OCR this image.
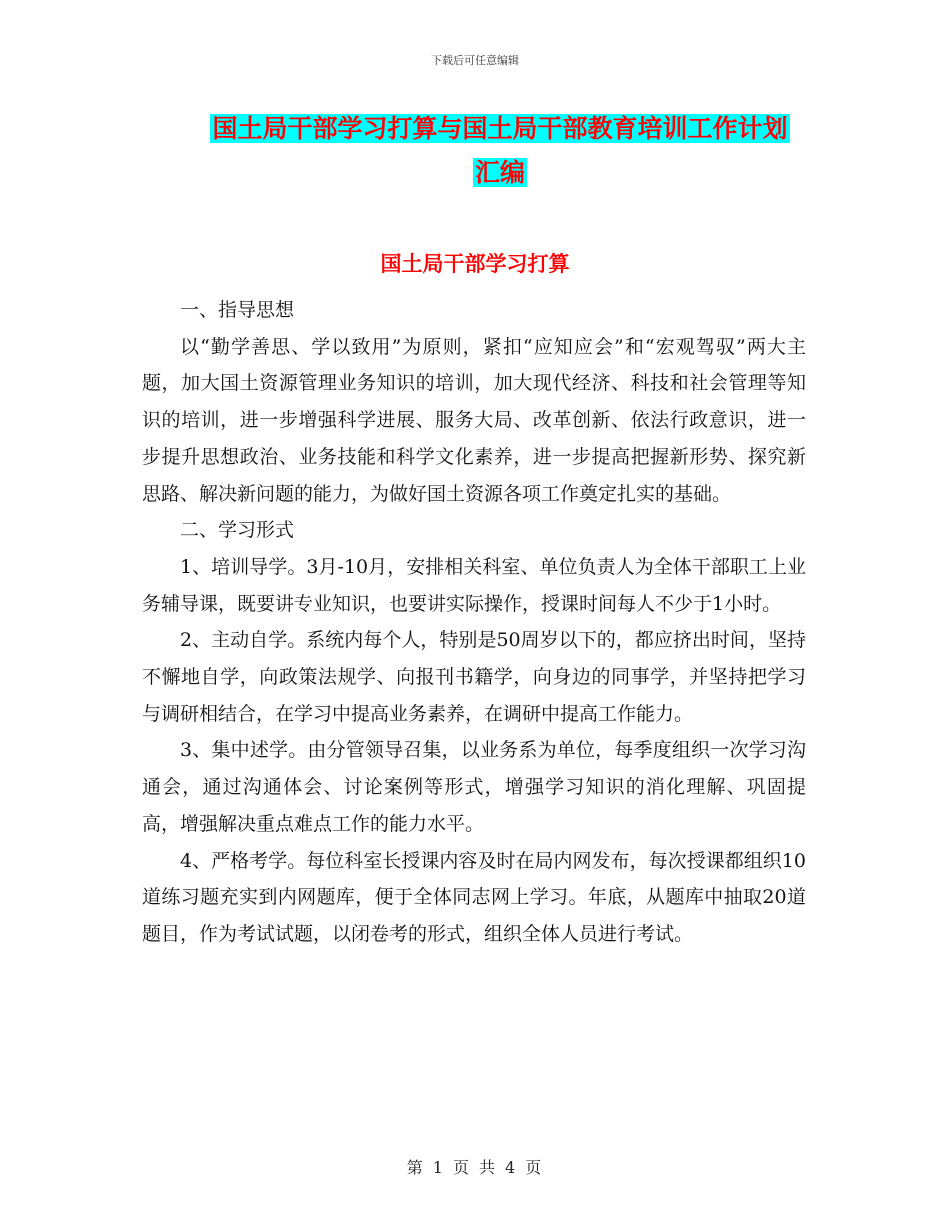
下载后可任意编辑
国土局干部学习打算与国土局干部教育培训工作计划
汇编
国土局干部学习打算

一、指导思想

以“勤学善思、学以致用”为原则，紧扣“应知应会”和“宏观驾驭”两大主题，加大国土资源管理业务知识的培训，加大现代经济、科技和社会管理等知识的培训，进一步增强科学进展、服务大局、改革创新、依法行政意识，进一步提升思想政治、业务技能和科学文化素养，进一步提高把握新形势、探究新思路、解决新问题的能力，为做好国土资源各项工作奠定扎实的基础。

二、学习形式

1、培训导学。3月-10月，安排相关科室、单位负责人为全体干部职工上业务辅导课，既要讲专业知识，也要讲实际操作，授课时间每人不少于1小时。

2、主动自学。系统内每个人，特别是50周岁以下的，都应挤出时间，坚持不懈地自学，向政策法规学、向报刊书籍学，向身边的同事学，并坚持把学习与调研相结合，在学习中提高业务素养，在调研中提高工作能力。

3、集中述学。由分管领导召集，以业务系为单位，每季度组织一次学习沟通会，通过沟通体会、讨论案例等形式，增强学习知识的消化理解、巩固提高，增强解决重点难点工作的能力水平。

4、严格考学。每位科室长授课内容及时在局内网发布，每次授课都组织10道练习题充实到内网题库，便于全体同志网上学习。年底，从题库中抽取20道题目，作为考试试题，以闭卷考的形式，组织全体人员进行考试。

第 1 页 共 4 页
